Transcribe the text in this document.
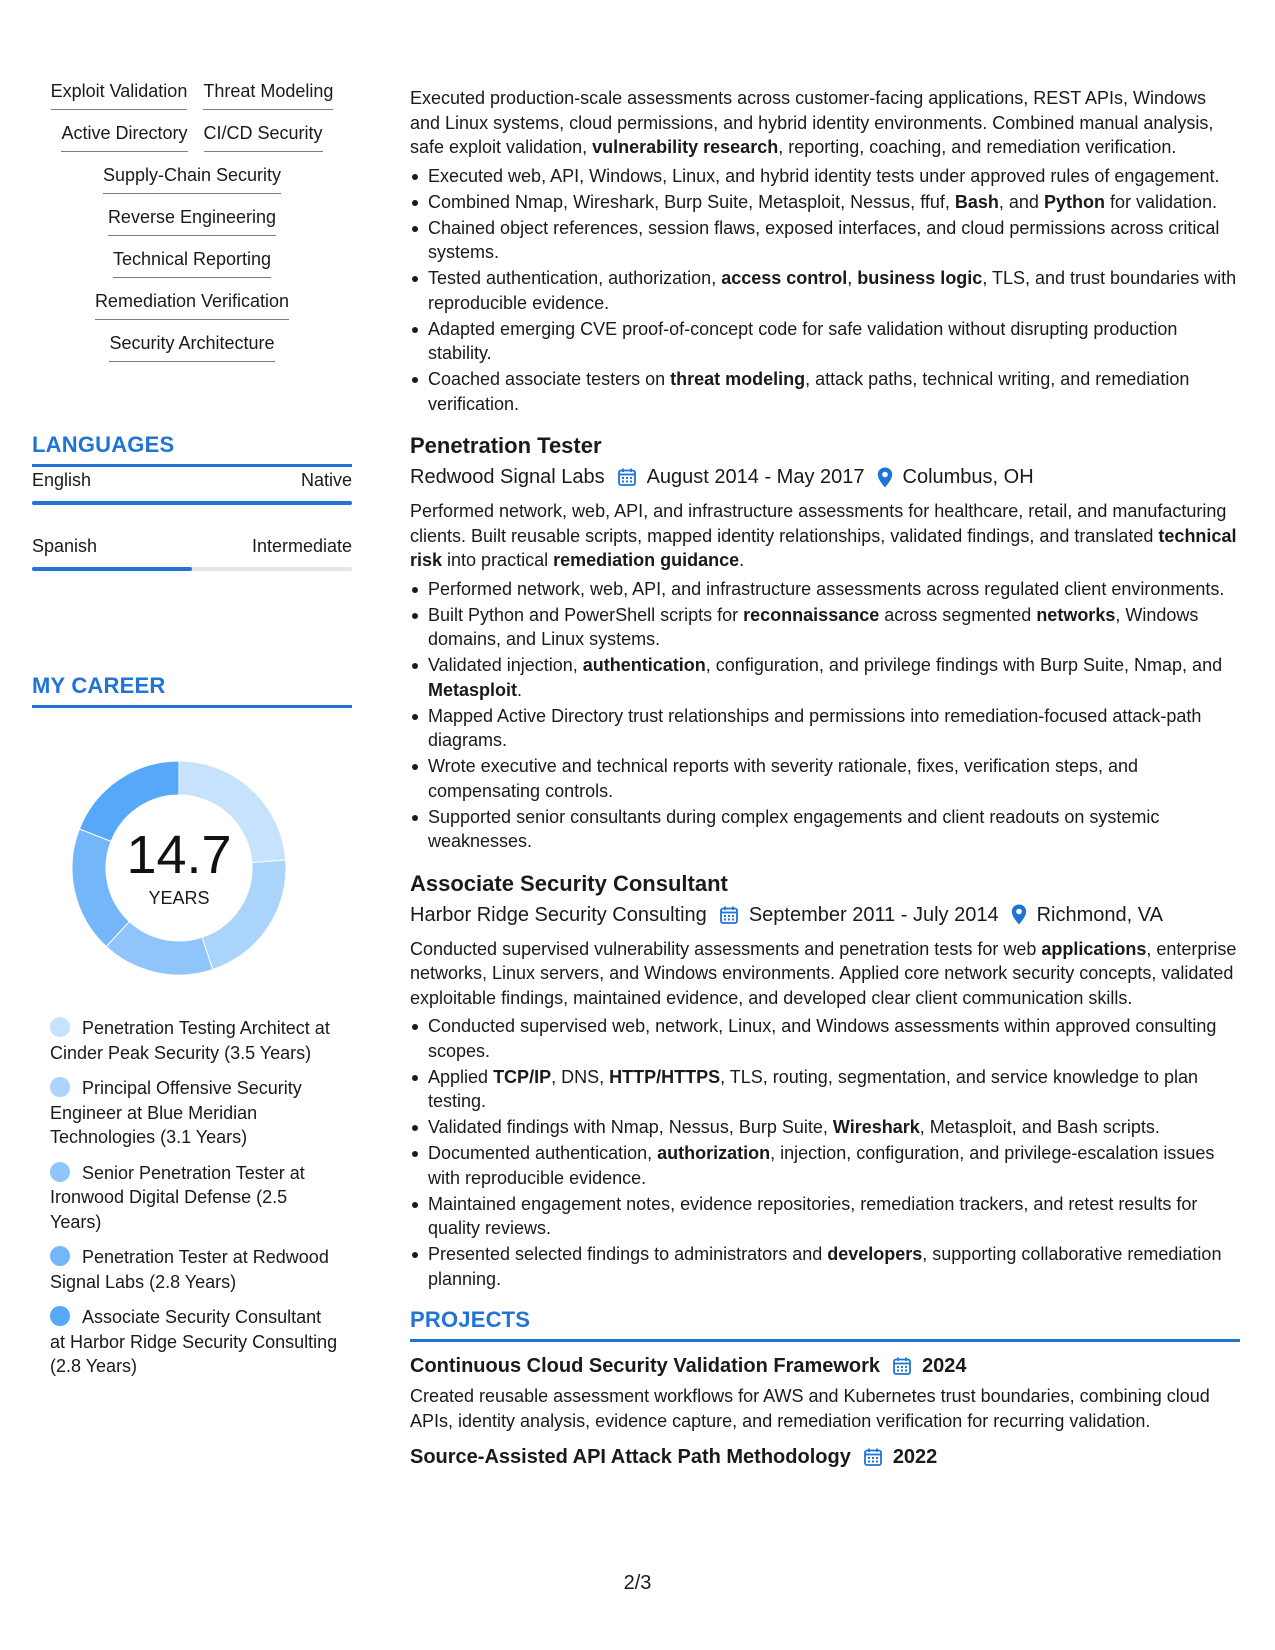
Exploit Validation Threat Modeling
Active Directory CI/CD Security
Supply-Chain Security
Reverse Engineering
Technical Reporting
Remediation Verification
Security Architecture
LANGUAGES
English	Native
Spanish	Intermediate
MY CAREER
14.7
YEARS
Penetration Testing Architect at Cinder Peak Security (3.5 Years)
Principal Offensive Security Engineer at Blue Meridian Technologies (3.1 Years)
Senior Penetration Tester at Ironwood Digital Defense (2.5 Years)
Penetration Tester at Redwood Signal Labs (2.8 Years)
Associate Security Consultant at Harbor Ridge Security Consulting (2.8 Years)
Executed production-scale assessments across customer-facing applications, REST APIs, Windows and Linux systems, cloud permissions, and hybrid identity environments. Combined manual analysis, safe exploit validation, vulnerability research, reporting, coaching, and remediation verification.
Executed web, API, Windows, Linux, and hybrid identity tests under approved rules of engagement.
Combined Nmap, Wireshark, Burp Suite, Metasploit, Nessus, ffuf, Bash, and Python for validation.
Chained object references, session flaws, exposed interfaces, and cloud permissions across critical systems.
Tested authentication, authorization, access control, business logic, TLS, and trust boundaries with reproducible evidence.
Adapted emerging CVE proof-of-concept code for safe validation without disrupting production stability.
Coached associate testers on threat modeling, attack paths, technical writing, and remediation verification.
Penetration Tester
Redwood Signal Labs August 2014 - May 2017 Columbus, OH
Performed network, web, API, and infrastructure assessments for healthcare, retail, and manufacturing clients. Built reusable scripts, mapped identity relationships, validated findings, and translated technical risk into practical remediation guidance.
Performed network, web, API, and infrastructure assessments across regulated client environments.
Built Python and PowerShell scripts for reconnaissance across segmented networks, Windows domains, and Linux systems.
Validated injection, authentication, configuration, and privilege findings with Burp Suite, Nmap, and Metasploit.
Mapped Active Directory trust relationships and permissions into remediation-focused attack-path diagrams.
Wrote executive and technical reports with severity rationale, fixes, verification steps, and compensating controls.
Supported senior consultants during complex engagements and client readouts on systemic weaknesses.
Associate Security Consultant
Harbor Ridge Security Consulting September 2011 - July 2014 Richmond, VA
Conducted supervised vulnerability assessments and penetration tests for web applications, enterprise networks, Linux servers, and Windows environments. Applied core network security concepts, validated exploitable findings, maintained evidence, and developed clear client communication skills.
Conducted supervised web, network, Linux, and Windows assessments within approved consulting scopes.
Applied TCP/IP, DNS, HTTP/HTTPS, TLS, routing, segmentation, and service knowledge to plan testing.
Validated findings with Nmap, Nessus, Burp Suite, Wireshark, Metasploit, and Bash scripts.
Documented authentication, authorization, injection, configuration, and privilege-escalation issues with reproducible evidence.
Maintained engagement notes, evidence repositories, remediation trackers, and retest results for quality reviews.
Presented selected findings to administrators and developers, supporting collaborative remediation planning.
PROJECTS
Continuous Cloud Security Validation Framework 2024
Created reusable assessment workflows for AWS and Kubernetes trust boundaries, combining cloud APIs, identity analysis, evidence capture, and remediation verification for recurring validation.
Source-Assisted API Attack Path Methodology 2022
2/3
